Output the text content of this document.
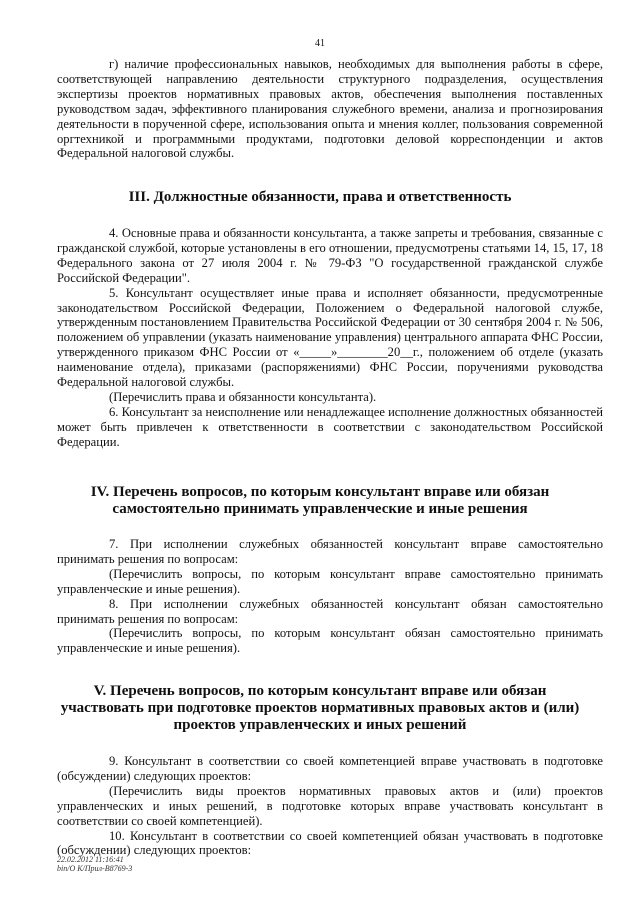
41

г) наличие профессиональных навыков, необходимых для выполнения работы в сфере, соответствующей направлению деятельности структурного подразделения, осуществления экспертизы проектов нормативных правовых актов, обеспечения выполнения поставленных руководством задач, эффективного планирования служебного времени, анализа и прогнозирования деятельности в порученной сфере, использования опыта и мнения коллег, пользования современной оргтехникой и программными продуктами, подготовки деловой корреспонденции и актов Федеральной налоговой службы.

III. Должностные обязанности, права и ответственность

4. Основные права и обязанности консультанта, а также запреты и требования, связанные с гражданской службой, которые установлены в его отношении, предусмотрены статьями 14, 15, 17, 18 Федерального закона от 27 июля 2004 г. № 79-ФЗ "О государственной гражданской службе Российской Федерации".

5. Консультант осуществляет иные права и исполняет обязанности, предусмотренные законодательством Российской Федерации, Положением о Федеральной налоговой службе, утвержденным постановлением Правительства Российской Федерации от 30 сентября 2004 г. № 506, положением об управлении (указать наименование управления) центрального аппарата ФНС России, утвержденного приказом ФНС России от «_____»________20__г., положением об отделе (указать наименование отдела), приказами (распоряжениями) ФНС России, поручениями руководства Федеральной налоговой службы.

(Перечислить права и обязанности консультанта).

6. Консультант за неисполнение или ненадлежащее исполнение должностных обязанностей может быть привлечен к ответственности в соответствии с законодательством Российской Федерации.

IV. Перечень вопросов, по которым консультант вправе или обязан
самостоятельно принимать управленческие и иные решения

7. При исполнении служебных обязанностей консультант вправе самостоятельно принимать решения по вопросам:

(Перечислить вопросы, по которым консультант вправе самостоятельно принимать управленческие и иные решения).

8. При исполнении служебных обязанностей консультант обязан самостоятельно принимать решения по вопросам:

(Перечислить вопросы, по которым консультант обязан самостоятельно принимать управленческие и иные решения).

V. Перечень вопросов, по которым консультант вправе или обязан
участвовать при подготовке проектов нормативных правовых актов и (или)
проектов управленческих и иных решений

9. Консультант в соответствии со своей компетенцией вправе участвовать в подготовке (обсуждении) следующих проектов:

(Перечислить виды проектов нормативных правовых актов и (или) проектов управленческих и иных решений, в подготовке которых вправе участвовать консультант в соответствии со своей компетенцией).

10. Консультант в соответствии со своей компетенцией обязан участвовать в подготовке (обсуждении) следующих проектов:

22.02.2012 11:16:41
bin/O K/Прил-B8769-3
